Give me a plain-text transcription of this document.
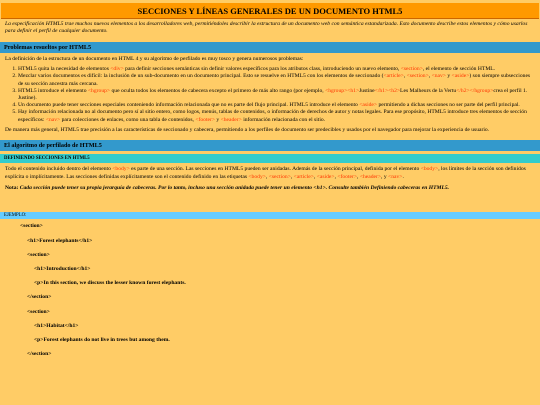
SECCIONES Y LÍNEAS GENERALES DE UN DOCUMENTO HTML5
La especificación HTML5 trae muchos nuevos elementos a los desarrolladores web, permitiéndoles describir la estructura de un documento web con semántica estandarizada. Esto documento describe estos elementos y cómo usarlos para definir el perfil de cualquier documento.
Problemas resueltos por HTML5
La definición de la estructura de un documento en HTML 4 y su algoritmo de perfilado es muy tosco y genera numerosos problemas:
1. HTML5 quita la necesidad de elementos <div> para definir secciones semánticas sin definir valores específicos para los atributos class, introduciendo un nuevo elemento, <section>, el elemento de sección HTML.
2. Mezclar varios documentos es difícil: la inclusión de un sub-documento en un documento principal. Esto se resuelve en HTML5 con los elementos de seccionado (<article>, <section>, <nav> y <aside>) son siempre subsecciones de su sección ancestra más cercana.
3. HTML5 introduce el elemento <hgroup> que oculta todos los elementos de cabecera excepto el primero de más alto rango (por ejemplo, <hgroup><h1>Justine</h1><h2>Les Malheurs de la Vertu</h2></hgroup>crea el perfil 1. Justine).
4. Un documento puede tener secciones especiales conteniendo información relacionada que no es parte del flujo principal. HTML5 introduce el elemento <aside> permitiendo a dichas secciones no ser parte del perfil principal.
5. Hay información relacionada no al documento pero sí al sitio entero, como logos, menús, tablas de contenidos, o información de derechos de autor y notas legales. Para ese propósito, HTML5 introduce tres elementos de sección específicos: <nav> para colecciones de enlaces, como una tabla de contenidos, <footer> y <header> información relacionada con el sitio.
De manera más general, HTML5 trae precisión a las características de seccionado y cabecera, permitiendo a los perfiles de documento ser predecibles y usados por el navegador para mejorar la experiencia de usuario.
El algoritmo de perfilado de HTML5
DEFINIENDO SECCIONES EN HTML5
Todo el contenido incluido dentro del elemento <body> es parte de una sección. Las secciones en HTML5 pueden ser anidadas. Además de la sección principal, definida por el elemento <body>, los límites de la sección son definidos explícita o implícitamente. Las secciones definidas explícitamente son el contenido definido en las etiquetas <body>, <section>, <article>, <aside>, <footer>, <header>, y <nav>.
Nota: Cada sección puede tener su propia jerarquía de cabeceras. Por lo tanto, incluso una sección anidada puede tener un elemento <h1>. Consulte también Definiendo cabeceras en HTML5.
EJEMPLO:
<section>
<h1>Forest elephants</h1>
<section>
<h1>Introduction</h1>
<p>In this section, we discuss the lesser known forest elephants.
</section>
<section>
<h1>Habitat</h1>
<p>Forest elephants do not live in trees but among them.
</section>
